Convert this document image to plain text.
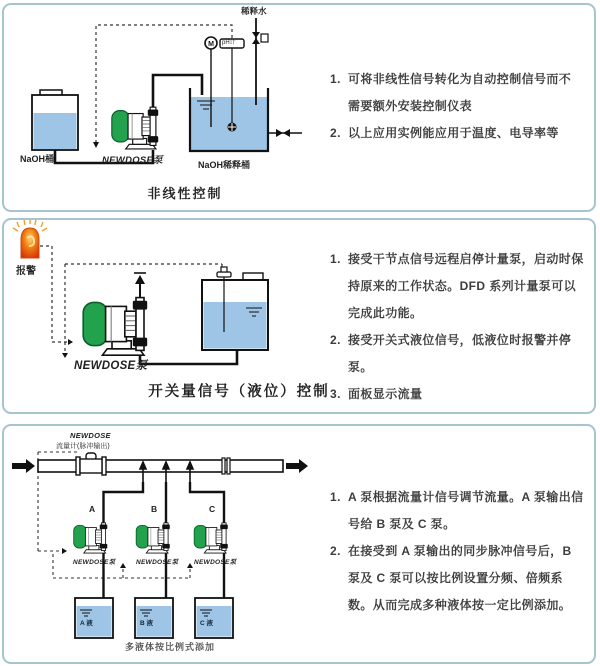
M
稀释水
pH计
NaOH桶	NEWDOSE泵	NaOH稀释桶
非线性控制
1. 可将非线性信号转化为自动控制信号而不需要额外安装控制仪表
2. 以上应用实例能应用于温度、电导率等
报警
NEWDOSE泵
开关量信号（液位）控制
1. 接受干节点信号远程启停计量泵，启动时保持原来的工作状态。DFD 系列计量泵可以完成此功能。
2. 接受开关式液位信号，低液位时报警并停泵。
3. 面板显示流量
NEWDOSE
流量计(脉冲输出)
A	B	C
NEWDOSE泵	NEWDOSE泵 NEWDOSE泵
A 液	B 液	C 液
多液体按比例式添加
1. A 泵根据流量计信号调节流量。A 泵输出信号给 B 泵及 C 泵。
2. 在接受到 A 泵输出的同步脉冲信号后，B 泵及 C 泵可以按比例设置分频、倍频系数。从而完成多种液体按一定比例添加。
